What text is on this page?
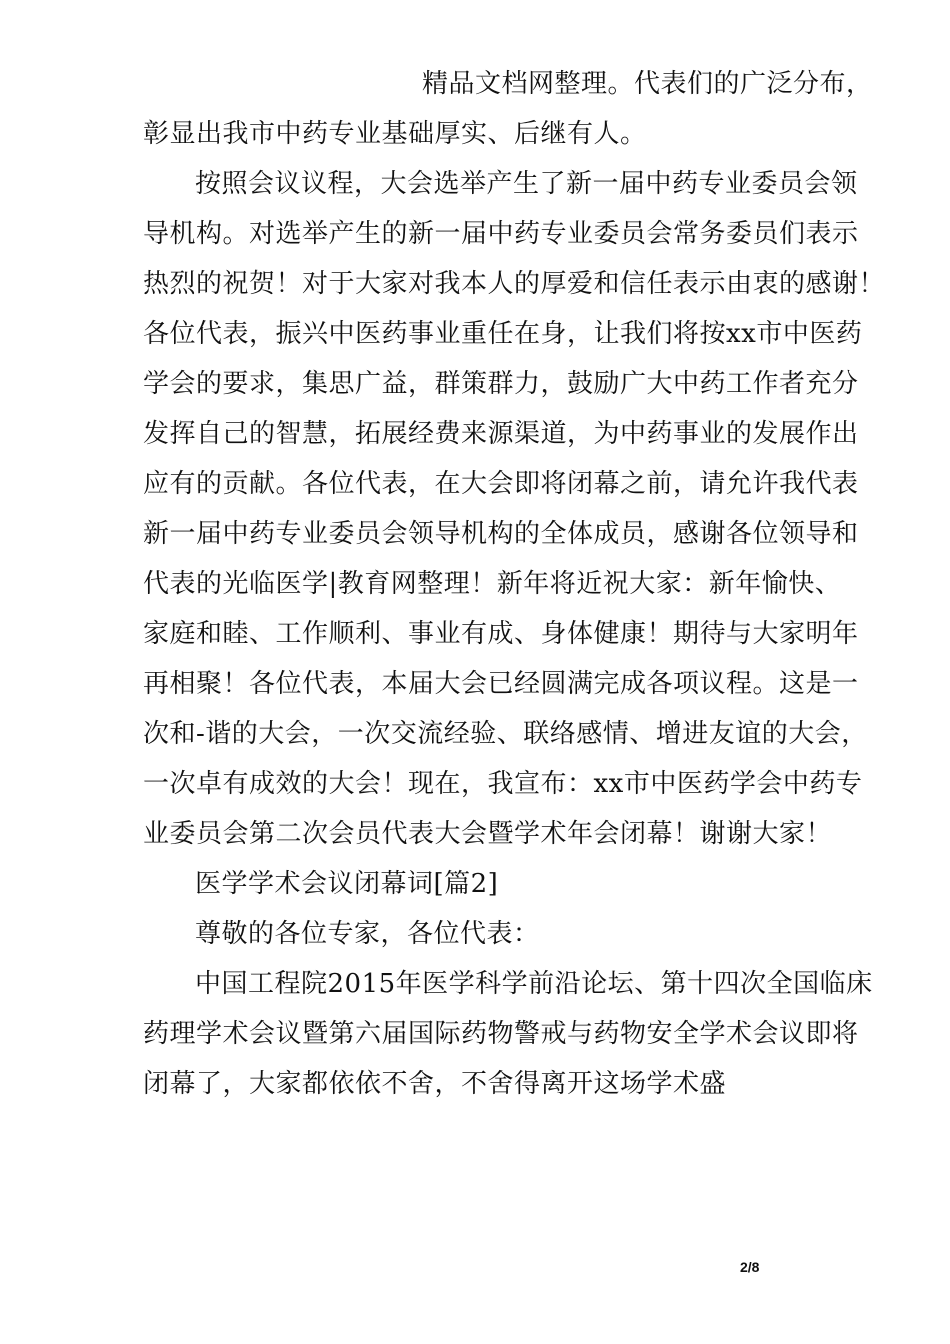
精品文档网整理。代表们的广泛分布，
彰显出我市中药专业基础厚实、后继有人。
按照会议议程，大会选举产生了新一届中药专业委员会领
导机构。对选举产生的新一届中药专业委员会常务委员们表示
热烈的祝贺！对于大家对我本人的厚爱和信任表示由衷的感谢！
各位代表，振兴中医药事业重任在身，让我们将按xx市中医药
学会的要求，集思广益，群策群力，鼓励广大中药工作者充分
发挥自己的智慧，拓展经费来源渠道，为中药事业的发展作出
应有的贡献。各位代表，在大会即将闭幕之前，请允许我代表
新一届中药专业委员会领导机构的全体成员，感谢各位领导和
代表的光临医学|教育网整理！新年将近祝大家：新年愉快、
家庭和睦、工作顺利、事业有成、身体健康！期待与大家明年
再相聚！各位代表，本届大会已经圆满完成各项议程。这是一
次和-谐的大会，一次交流经验、联络感情、增进友谊的大会，
一次卓有成效的大会！现在，我宣布：xx市中医药学会中药专
业委员会第二次会员代表大会暨学术年会闭幕！谢谢大家！
医学学术会议闭幕词[篇2]
尊敬的各位专家，各位代表：
中国工程院2015年医学科学前沿论坛、第十四次全国临床
药理学术会议暨第六届国际药物警戒与药物安全学术会议即将
闭幕了，大家都依依不舍，不舍得离开这场学术盛
2/8
